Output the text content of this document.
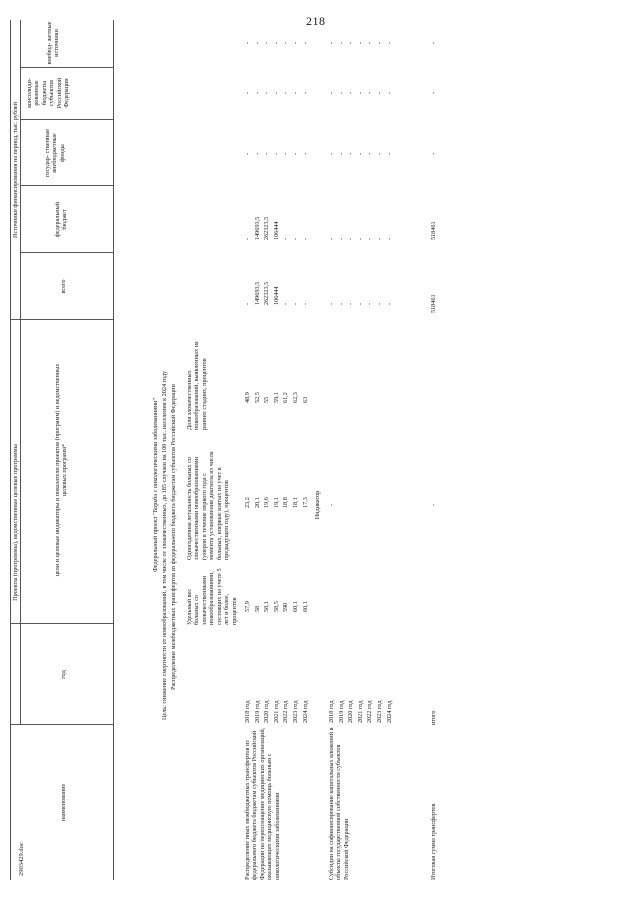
218
Проекты (программы), ведомственные целевые программы
Источники финансирования на период, тыс. рублей
наименование
год
цели и целевые индикаторы и показатели проектов (программ) и ведомственных целевых программ*
всего
федеральный бюджет
государ- ственные внебюджетные фонды
консолиди- рованные бюджеты субъектов Российской Федерации
внебюд- жетные источники
Федеральный проект "Борьба с онкологическими заболеваниями" Цель: снижение смертности от новообразований, в том числе от злокачественных, до 185 случаев на 100 тыс. населения к 2024 году Распределение межбюджетных трансфертов из федерального бюджета бюджетам субъектов Российской Федерации Удельный вес больных со злокачественными новообразованиями, состоящих на учете 5 лет и более, процентов
Одногодичная летальность больных со злокачественными новообразованиями (умерли в течение первого года с момента установления диагноза из числа больных, впервые взятых на учет в предыдущем году), процентов
Доля злокачественных новообразований, выявленных на ранних стадиях, процентов
Распределение иных межбюджетных трансфертов из федерального бюджета бюджетам субъектов Российской Федерации на переоснащение медицинских организаций, оказывающих медицинскую помощь больным с онкологическими заболеваниями
2018 год
57,9
23,2
48,9
-
-
-
-
-
2019 год
58
20,1
52,5
149693,5
149693,5
-
-
-
2020 год
58,1
19,6
55
262323,5
262323,5
-
-
-
2021 год
58,5
19,1
59,1
106444
106444
-
-
-
2022 год
590
18,8
61,2
-
-
-
-
-
2023 год
60,1
18,1
62,3
-
-
-
-
-
2024 год
60,1
17,3
63
-
-
-
-
-
Индикатор
Субсидии на софинансирование капитальных вложений в объекты государственной собственности субъектов Российской Федерации
-
2018 год
-
-
-
-
-
2019 год
-
-
-
-
-
2020 год
-
-
-
-
-
2021 год
-
-
-
-
-
2022 год
-
-
-
-
-
2023 год
-
-
-
-
-
2024 год
-
-
-
-
-
Итоговая сумма трансфертов
итого
-
518461
518461
-
-
-
2903429.doc
